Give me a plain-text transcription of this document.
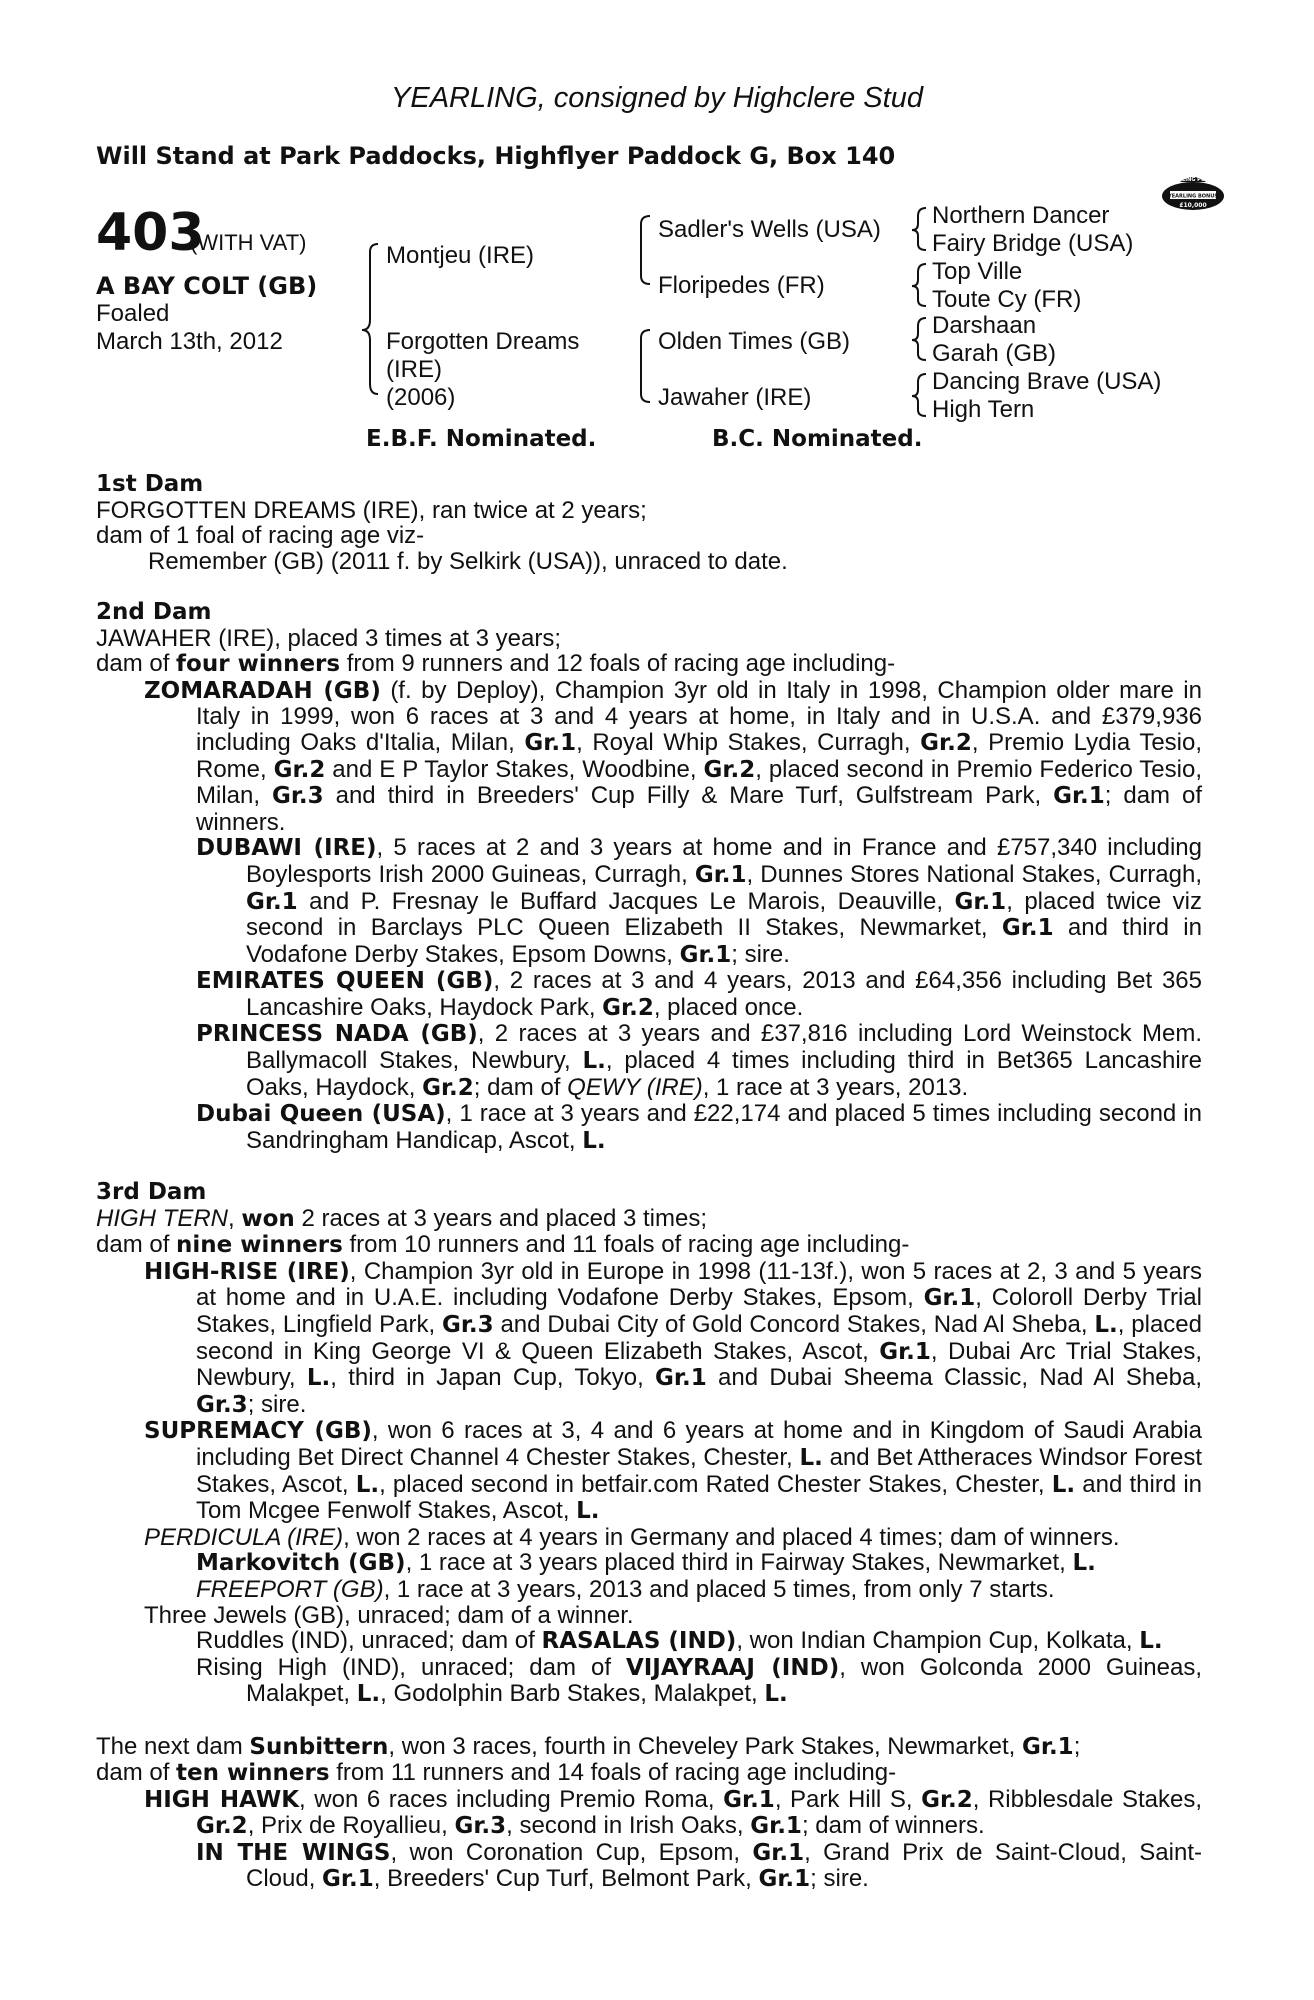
YEARLING, consigned by Highclere Stud
Will Stand at Park Paddocks, Highflyer Paddock G, Box 140
RACING POST
YEARLING BONUS
£10,000
403
(WITH VAT)
A BAY COLT (GB)
Foaled
March 13th, 2012
Montjeu (IRE)
Forgotten Dreams
(IRE)
(2006)
Sadler's Wells (USA)
Floripedes (FR)
Olden Times (GB)
Jawaher (IRE)
Northern Dancer
Fairy Bridge (USA)
Top Ville
Toute Cy (FR)
Darshaan
Garah (GB)
Dancing Brave (USA)
High Tern
E.B.F. Nominated.	B.C. Nominated.
1st Dam
FORGOTTEN DREAMS (IRE), ran twice at 2 years;
dam of 1 foal of racing age viz-
Remember (GB) (2011 f. by Selkirk (USA)), unraced to date.
2nd Dam
JAWAHER (IRE), placed 3 times at 3 years;
dam of four winners from 9 runners and 12 foals of racing age including-
ZOMARADAH (GB) (f. by Deploy), Champion 3yr old in Italy in 1998, Champion older mare in Italy in 1999, won 6 races at 3 and 4 years at home, in Italy and in U.S.A. and £379,936 including Oaks d'Italia, Milan, Gr.1, Royal Whip Stakes, Curragh, Gr.2, Premio Lydia Tesio, Rome, Gr.2 and E P Taylor Stakes, Woodbine, Gr.2, placed second in Premio Federico Tesio, Milan, Gr.3 and third in Breeders' Cup Filly & Mare Turf, Gulfstream Park, Gr.1; dam of winners.
DUBAWI (IRE), 5 races at 2 and 3 years at home and in France and £757,340 including Boylesports Irish 2000 Guineas, Curragh, Gr.1, Dunnes Stores National Stakes, Curragh, Gr.1 and P. Fresnay le Buffard Jacques Le Marois, Deauville, Gr.1, placed twice viz second in Barclays PLC Queen Elizabeth II Stakes, Newmarket, Gr.1 and third in Vodafone Derby Stakes, Epsom Downs, Gr.1; sire.
EMIRATES QUEEN (GB), 2 races at 3 and 4 years, 2013 and £64,356 including Bet 365 Lancashire Oaks, Haydock Park, Gr.2, placed once.
PRINCESS NADA (GB), 2 races at 3 years and £37,816 including Lord Weinstock Mem. Ballymacoll Stakes, Newbury, L., placed 4 times including third in Bet365 Lancashire Oaks, Haydock, Gr.2; dam of QEWY (IRE), 1 race at 3 years, 2013.
Dubai Queen (USA), 1 race at 3 years and £22,174 and placed 5 times including second in Sandringham Handicap, Ascot, L.
3rd Dam
HIGH TERN, won 2 races at 3 years and placed 3 times;
dam of nine winners from 10 runners and 11 foals of racing age including-
HIGH-RISE (IRE), Champion 3yr old in Europe in 1998 (11-13f.), won 5 races at 2, 3 and 5 years at home and in U.A.E. including Vodafone Derby Stakes, Epsom, Gr.1, Coloroll Derby Trial Stakes, Lingfield Park, Gr.3 and Dubai City of Gold Concord Stakes, Nad Al Sheba, L., placed second in King George VI & Queen Elizabeth Stakes, Ascot, Gr.1, Dubai Arc Trial Stakes, Newbury, L., third in Japan Cup, Tokyo, Gr.1 and Dubai Sheema Classic, Nad Al Sheba, Gr.3; sire.
SUPREMACY (GB), won 6 races at 3, 4 and 6 years at home and in Kingdom of Saudi Arabia including Bet Direct Channel 4 Chester Stakes, Chester, L. and Bet Attheraces Windsor Forest Stakes, Ascot, L., placed second in betfair.com Rated Chester Stakes, Chester, L. and third in Tom Mcgee Fenwolf Stakes, Ascot, L.
PERDICULA (IRE), won 2 races at 4 years in Germany and placed 4 times; dam of winners.
Markovitch (GB), 1 race at 3 years placed third in Fairway Stakes, Newmarket, L.
FREEPORT (GB), 1 race at 3 years, 2013 and placed 5 times, from only 7 starts.
Three Jewels (GB), unraced; dam of a winner.
Ruddles (IND), unraced; dam of RASALAS (IND), won Indian Champion Cup, Kolkata, L.
Rising High (IND), unraced; dam of VIJAYRAAJ (IND), won Golconda 2000 Guineas, Malakpet, L., Godolphin Barb Stakes, Malakpet, L.
The next dam Sunbittern, won 3 races, fourth in Cheveley Park Stakes, Newmarket, Gr.1;
dam of ten winners from 11 runners and 14 foals of racing age including-
HIGH HAWK, won 6 races including Premio Roma, Gr.1, Park Hill S, Gr.2, Ribblesdale Stakes, Gr.2, Prix de Royallieu, Gr.3, second in Irish Oaks, Gr.1; dam of winners.
IN THE WINGS, won Coronation Cup, Epsom, Gr.1, Grand Prix de Saint-Cloud, Saint-Cloud, Gr.1, Breeders' Cup Turf, Belmont Park, Gr.1; sire.
